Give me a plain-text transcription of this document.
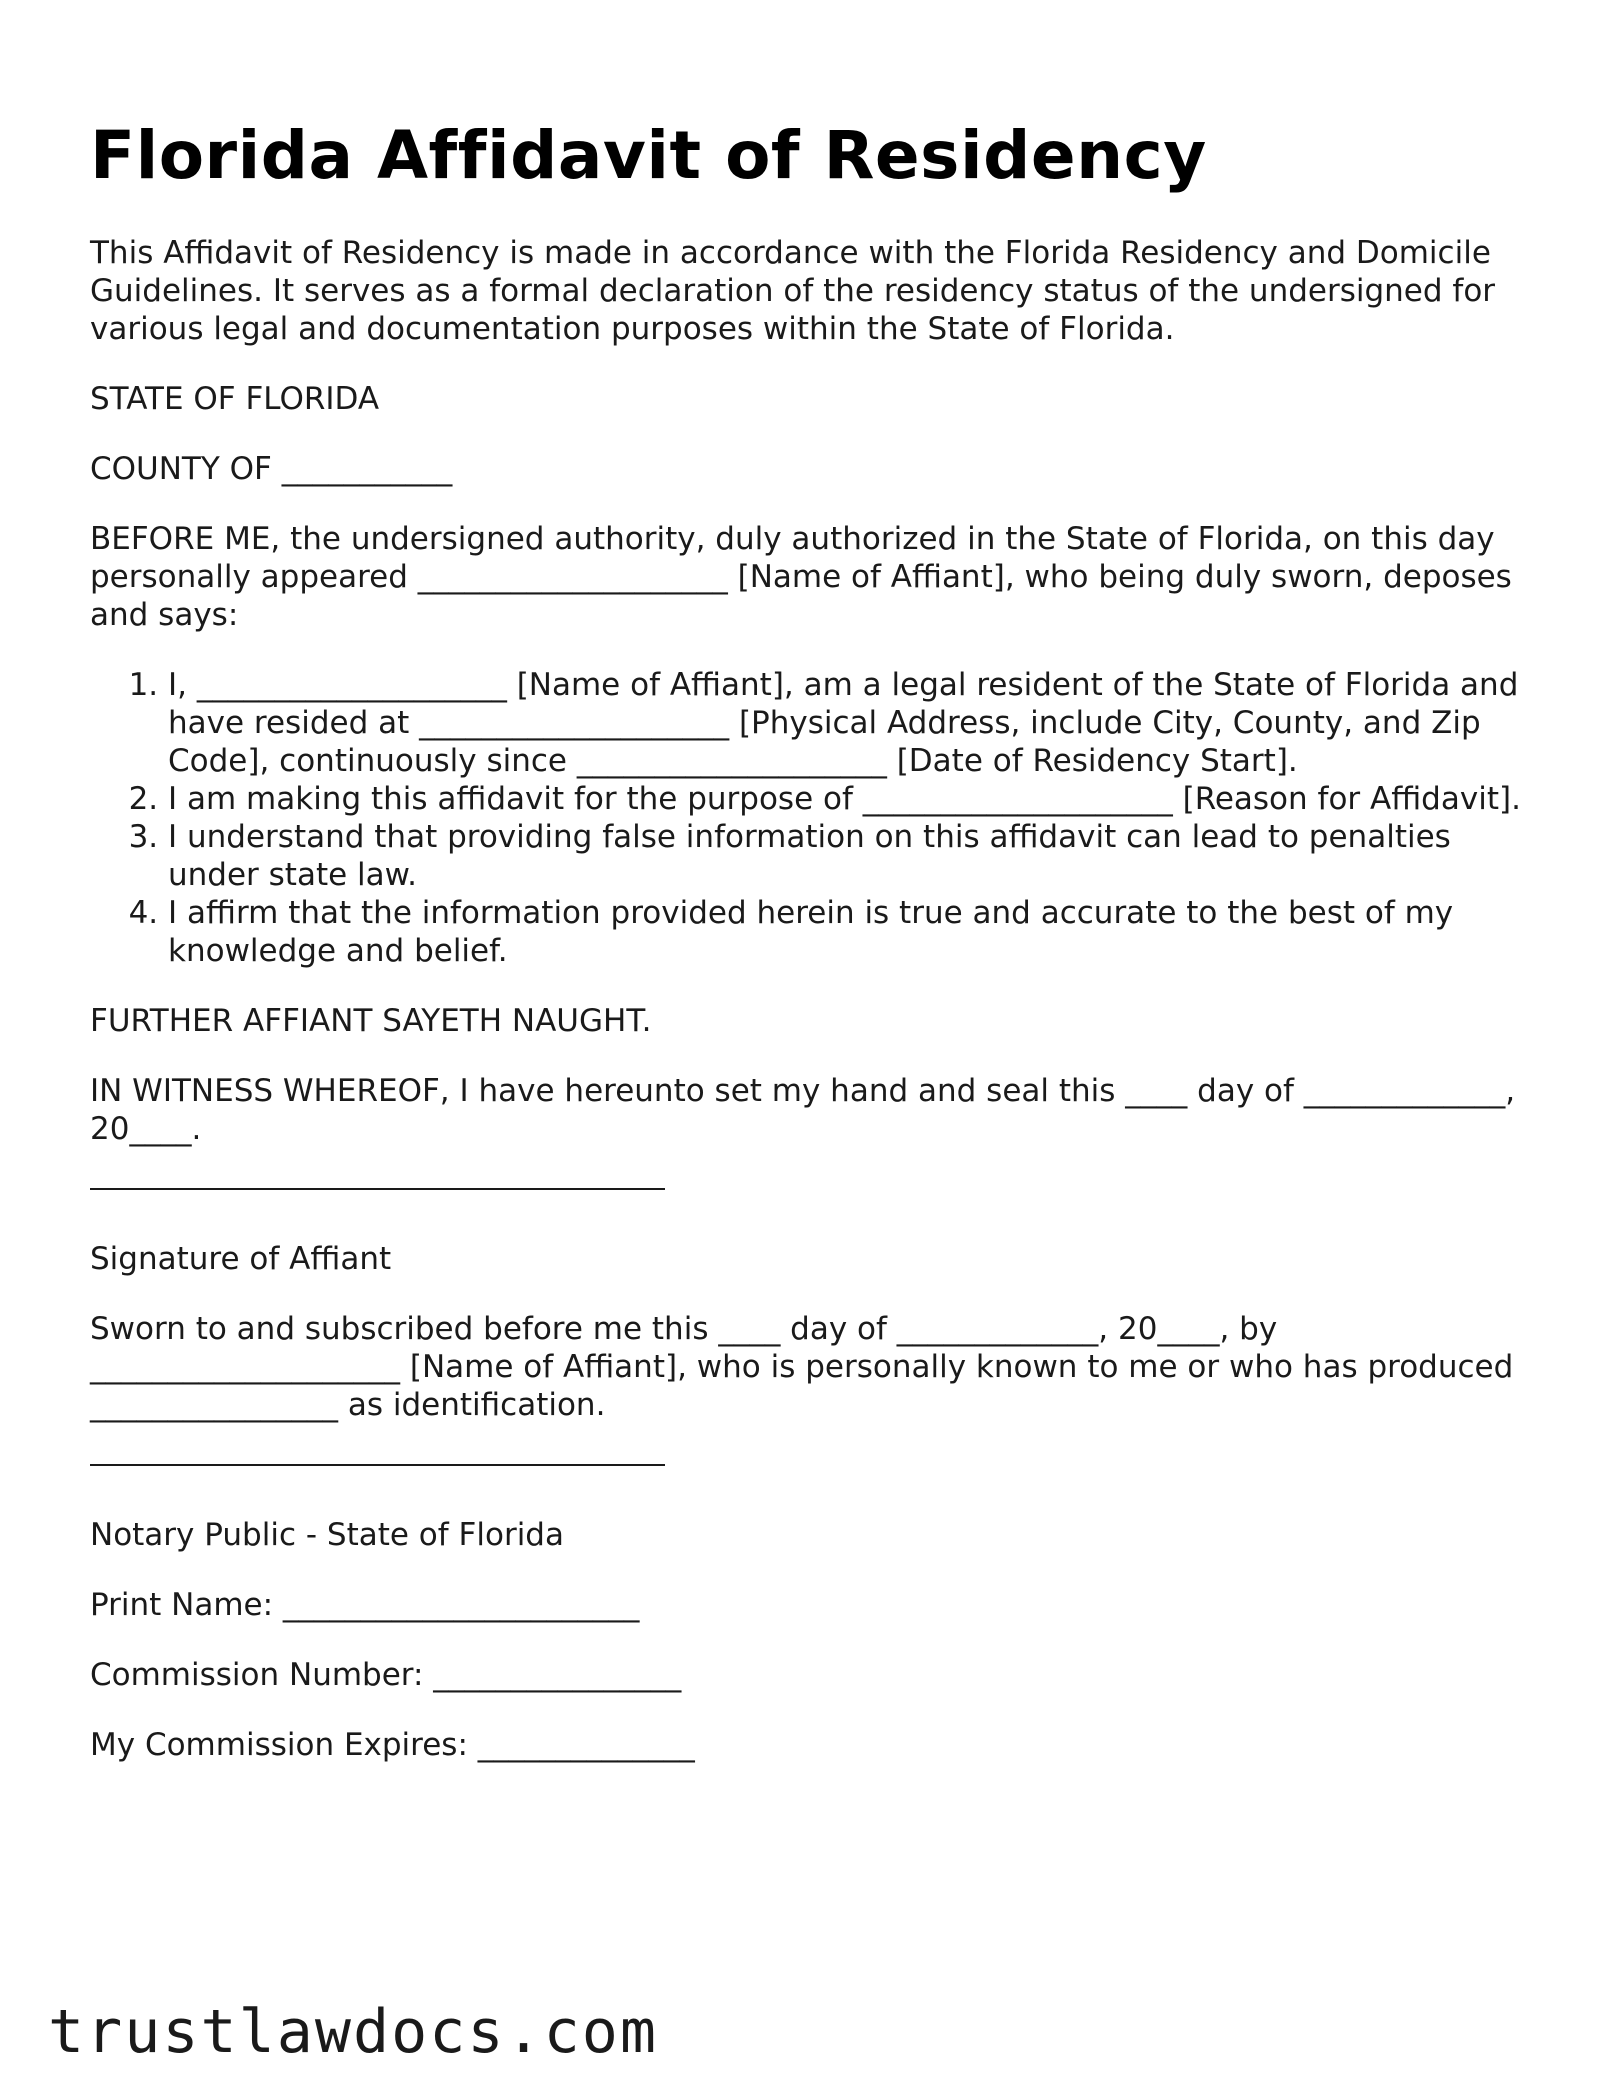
Florida Affidavit of Residency

This Affidavit of Residency is made in accordance with the Florida Residency and Domicile Guidelines. It serves as a formal declaration of the residency status of the undersigned for various legal and documentation purposes within the State of Florida.

STATE OF FLORIDA

COUNTY OF ___________

BEFORE ME, the undersigned authority, duly authorized in the State of Florida, on this day personally appeared ____________________ [Name of Affiant], who being duly sworn, deposes and says:

1. I, ____________________ [Name of Affiant], am a legal resident of the State of Florida and have resided at ____________________ [Physical Address, include City, County, and Zip Code], continuously since ____________________ [Date of Residency Start].
2. I am making this affidavit for the purpose of ____________________ [Reason for Affidavit].
3. I understand that providing false information on this affidavit can lead to penalties under state law.
4. I affirm that the information provided herein is true and accurate to the best of my knowledge and belief.

FURTHER AFFIANT SAYETH NAUGHT.

IN WITNESS WHEREOF, I have hereunto set my hand and seal this ____ day of _____________, 20____.

Signature of Affiant

Sworn to and subscribed before me this ____ day of _____________, 20____, by ____________________ [Name of Affiant], who is personally known to me or who has produced ________________ as identification.

Notary Public - State of Florida

Print Name: _______________________

Commission Number: ________________

My Commission Expires: ______________

trustlawdocs.com
